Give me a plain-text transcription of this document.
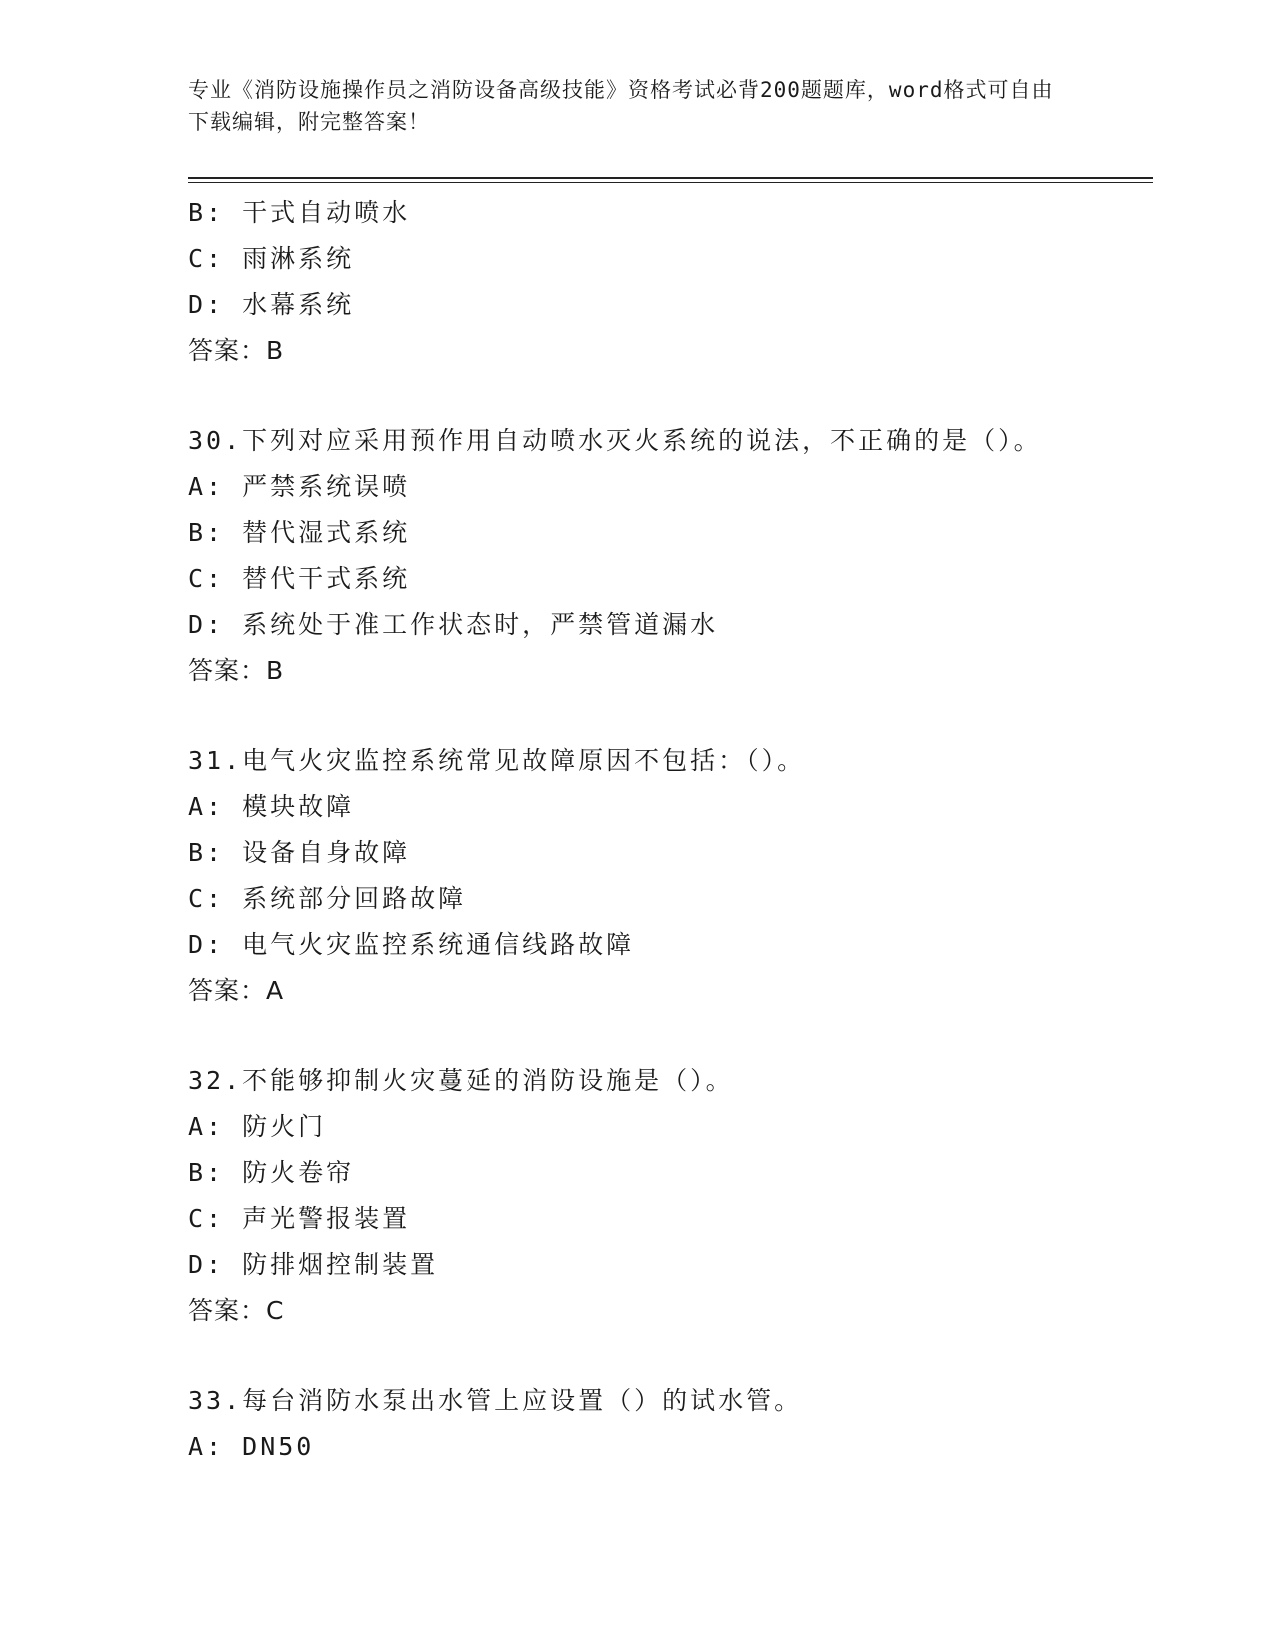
专业《消防设施操作员之消防设备高级技能》资格考试必背200题题库，word格式可自由下载编辑，附完整答案！
B: 干式自动喷水
C: 雨淋系统
D: 水幕系统
答案：B
30.下列对应采用预作用自动喷水灭火系统的说法，不正确的是（）。
A: 严禁系统误喷
B: 替代湿式系统
C: 替代干式系统
D: 系统处于准工作状态时，严禁管道漏水
答案：B
31.电气火灾监控系统常见故障原因不包括：（）。
A: 模块故障
B: 设备自身故障
C: 系统部分回路故障
D: 电气火灾监控系统通信线路故障
答案：A
32.不能够抑制火灾蔓延的消防设施是（）。
A: 防火门
B: 防火卷帘
C: 声光警报装置
D: 防排烟控制装置
答案：C
33.每台消防水泵出水管上应设置（）的试水管。
A: DN50
